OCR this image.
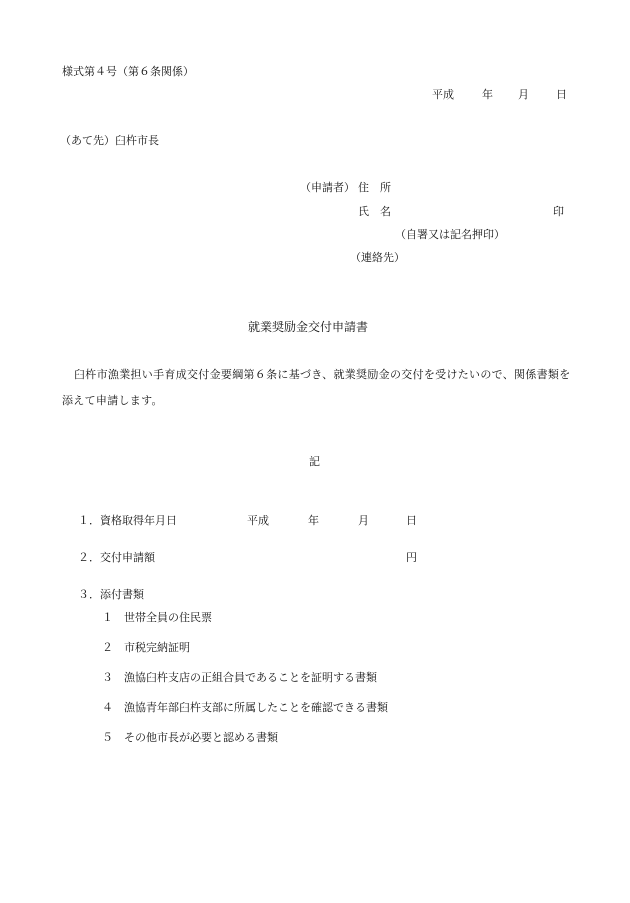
様式第４号（第６条関係）
平成	年 月 日
（あて先）臼杵市長
（申請者） 住　所
氏　名	印
（自署又は記名押印）
（連絡先）
就業奨励金交付申請書
臼杵市漁業担い手育成交付金要綱第６条に基づき、就業奨励金の交付を受けたいので、関係書類を添えて申請します。
記
１． 資格取得年月日	平成	年	月	日
２． 交付申請額	円
３． 添付書類
１　世帯全員の住民票
２　市税完納証明
３　漁協臼杵支店の正組合員であることを証明する書類
４　漁協青年部臼杵支部に所属したことを確認できる書類
５　その他市長が必要と認める書類
